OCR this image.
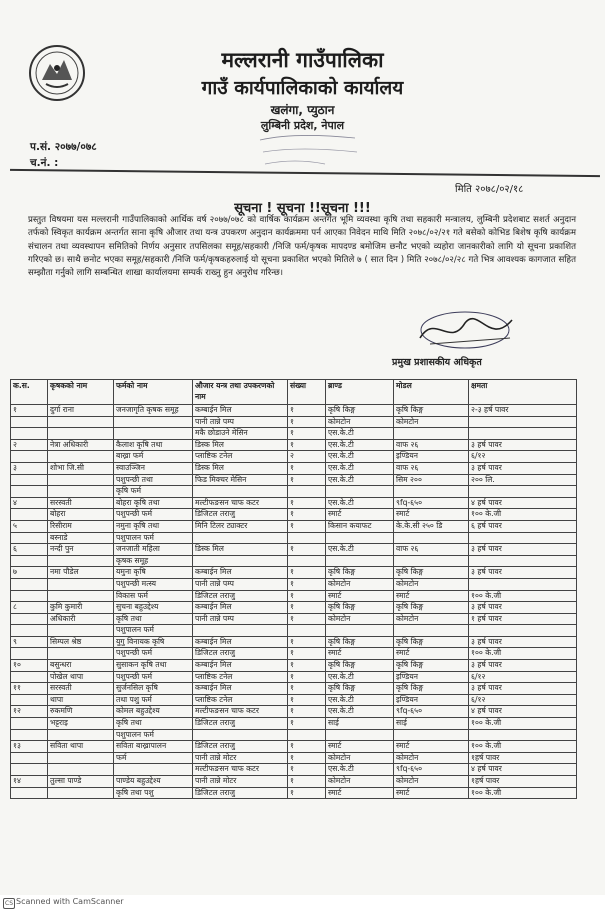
मल्लरानी गाउँपालिका
गाउँ कार्यपालिकाको कार्यालय
खलंगा, प्युठान
लुम्बिनी प्रदेश, नेपाल
प.सं. २०७७/०७८
च.नं. :
मिति २०७८/०२/१८
सूचना ! सूचना !!सूचना !!!
प्रस्तुत विषयमा यस मल्लरानी गाउँपालिकाको आर्थिक वर्ष २०७७/०७८ को वार्षिक कार्यक्रम अन्तर्गत भूमि व्यवस्था कृषि तथा सहकारी मन्त्रालय, लुम्बिनी प्रदेशबाट सशर्त अनुदान तर्फको स्विकृत कार्यक्रम अन्तर्गत साना कृषि औजार तथा यन्त्र उपकरण अनुदान कार्यक्रममा पर्न आएका निवेदन माथि मिति २०७८/०२/२१ गते बसेको कोभिड बिशेष कृषि कार्यक्रम संचालन तथा व्यवस्थापन समितिको निर्णय अनुसार तपसिलका समूह/सहकारी /निजि फर्म/कृषक मापदण्ड बमोजिम छनौट भएको व्यहोरा जानकारीको लागि यो सूचना प्रकाशित गरिएको छ। साथै छनोट भएका समूह/सहकारी /निजि फर्म/कृषकहरुलाई यो सूचना प्रकाशित भएको मितिले ७ ( सात दिन ) मिति २०७८/०२/२८ गते भित्र आवश्यक कागजात सहित सम्झौता गर्नुको लागि सम्बन्धित शाखा कार्यालयमा सम्पर्क राख्नु हुन अनुरोध गरिन्छ।
प्रमुख प्रशासकीय अधिकृत
क.स.	कृषकको नाम	फर्मको नाम	औजार यन्त्र तथा उपकरणको नाम	संख्या	ब्राण्ड	मोडल	क्षमता
१	दुर्गा राना	जनजागृति कृषक समूह	कम्बाईन मिल	१	कृषि किङ्ग	कृषि किङ्ग	२-३ हर्ष पावर
			पानी तान्ने पम्प	१	कोमटोन	कोमटोन	
			मकै छोडाउने मेसिन	१	एस.के.टी		
२	नेत्रा अधिकारी	कैलाश कृषि तथा	डिस्क मिल	१	एस.के.टी	वाफ २६	३ हर्ष पावर
		बाख्रा फर्म	प्लाष्टिक टनेल	२	एस.के.टी	इण्डियन	६/१२
३	शोभा जि.सी	स्वाउञ्जिन	डिस्क मिल	१	एस.के.टी	वाफ २६	३ हर्ष पावर
		पशुपन्छी तथा	फिड मिक्चर मेसिन	१	एस.के.टी	सिम २००	२०० लि.
		कृषि फर्म					
४	सरस्वती	बोहरा कृषि तथा	मल्टीफङसन चाफ कटर	१	एस.के.टी	९fq-६५०	४ हर्ष पावर
	बोहरा	पशुपन्छी फर्म	डिजिटल तराजु	१	स्मार्ट	स्मार्ट	१०० के.जी
५	रिसीराम	नमुना कृषि तथा	मिनि टिलर ट्याक्टर	१	किसान कयाफट	के.के.सी २५० डि	६ हर्ष पावर
	बस्नाडे	पशुपालन फर्म					
६	नन्दी पुन	जनजाती महिला	डिस्क मिल	१	एस.के.टी	वाफ २६	३ हर्ष पावर
		कृषक समूह					
७	नमा पौडेल	यमुना कृषि	कम्बाईन मिल	१	कृषि किङ्ग	कृषि किङ्ग	३ हर्ष पावर
		पशुपन्छी मत्स्य	पानी तान्ने पम्प	१	कोमटोन	कोमटोन	
		विकास फर्म	डिजिटल तराजु	१	स्मार्ट	स्मार्ट	१०० के.जी
८	कुमि कुमारी	सुचना बहुउद्देश्य	कम्बाईन मिल	१	कृषि किङ्ग	कृषि किङ्ग	३ हर्ष पावर
	अधिकारी	कृषि तथा	पानी तान्ने पम्प	१	कोमटोन	कोमटोन	१ हर्ष पावर
		पशुपालन फर्म					
९	सिम्पल श्रेष्ठ	युगु विनायक कृषि	कम्बाईन मिल	१	कृषि किङ्ग	कृषि किङ्ग	३ हर्ष पावर
		पशुपन्छी फर्म	डिजिटल तराजु	१	स्मार्ट	स्मार्ट	१०० के.जी
१०	बसुन्धरा	सुसाकन कृषि तथा	कम्बाईन मिल	१	कृषि किङ्ग	कृषि किङ्ग	३ हर्ष पावर
	पोखेल थापा	पशुपन्छी फर्म	प्लाष्टिक टनेल	१	एस.के.टी	इण्डियन	६/१२
११	सरस्वती	सुर्जनसिल कृषि	कम्बाईन मिल	१	कृषि किङ्ग	कृषि किङ्ग	३ हर्ष पावर
	थापा	तथा पशु फर्म	प्लाष्टिक टनेल	१	एस.के.टी	इण्डियन	६/१२
१२	रुकमणि	कोमल बहुउद्देश्य	मल्टीफङसन चाफ कटर	१	एस.के.टी	९fq-६५०	४ हर्ष पावर
	भट्टराइ	कृषि तथा	डिजिटल तराजु	१	साई	साई	१०० के.जी
		पशुपालन फर्म					
१३	सविता थापा	सविता बाख्रापालन	डिजिटल तराजु	१	स्मार्ट	स्मार्ट	१०० के.जी
		फर्म	पानी तान्ने मोटर	१	कोमटोन	कोमटोन	१हर्ष पावर
			मल्टीफङसन चाफ कटर	१	एस.के.टी	९fq-६५०	४ हर्ष पावर
१४	तुल्सा पाण्डे	पाण्डेय बहुउद्देश्य	पानी तान्ने मोटर	१	कोमटोन	कोमटोन	१हर्ष पावर
		कृषि तथा पशु	डिजिटल तराजु	१	स्मार्ट	स्मार्ट	१०० के.जी
CS Scanned with CamScanner
